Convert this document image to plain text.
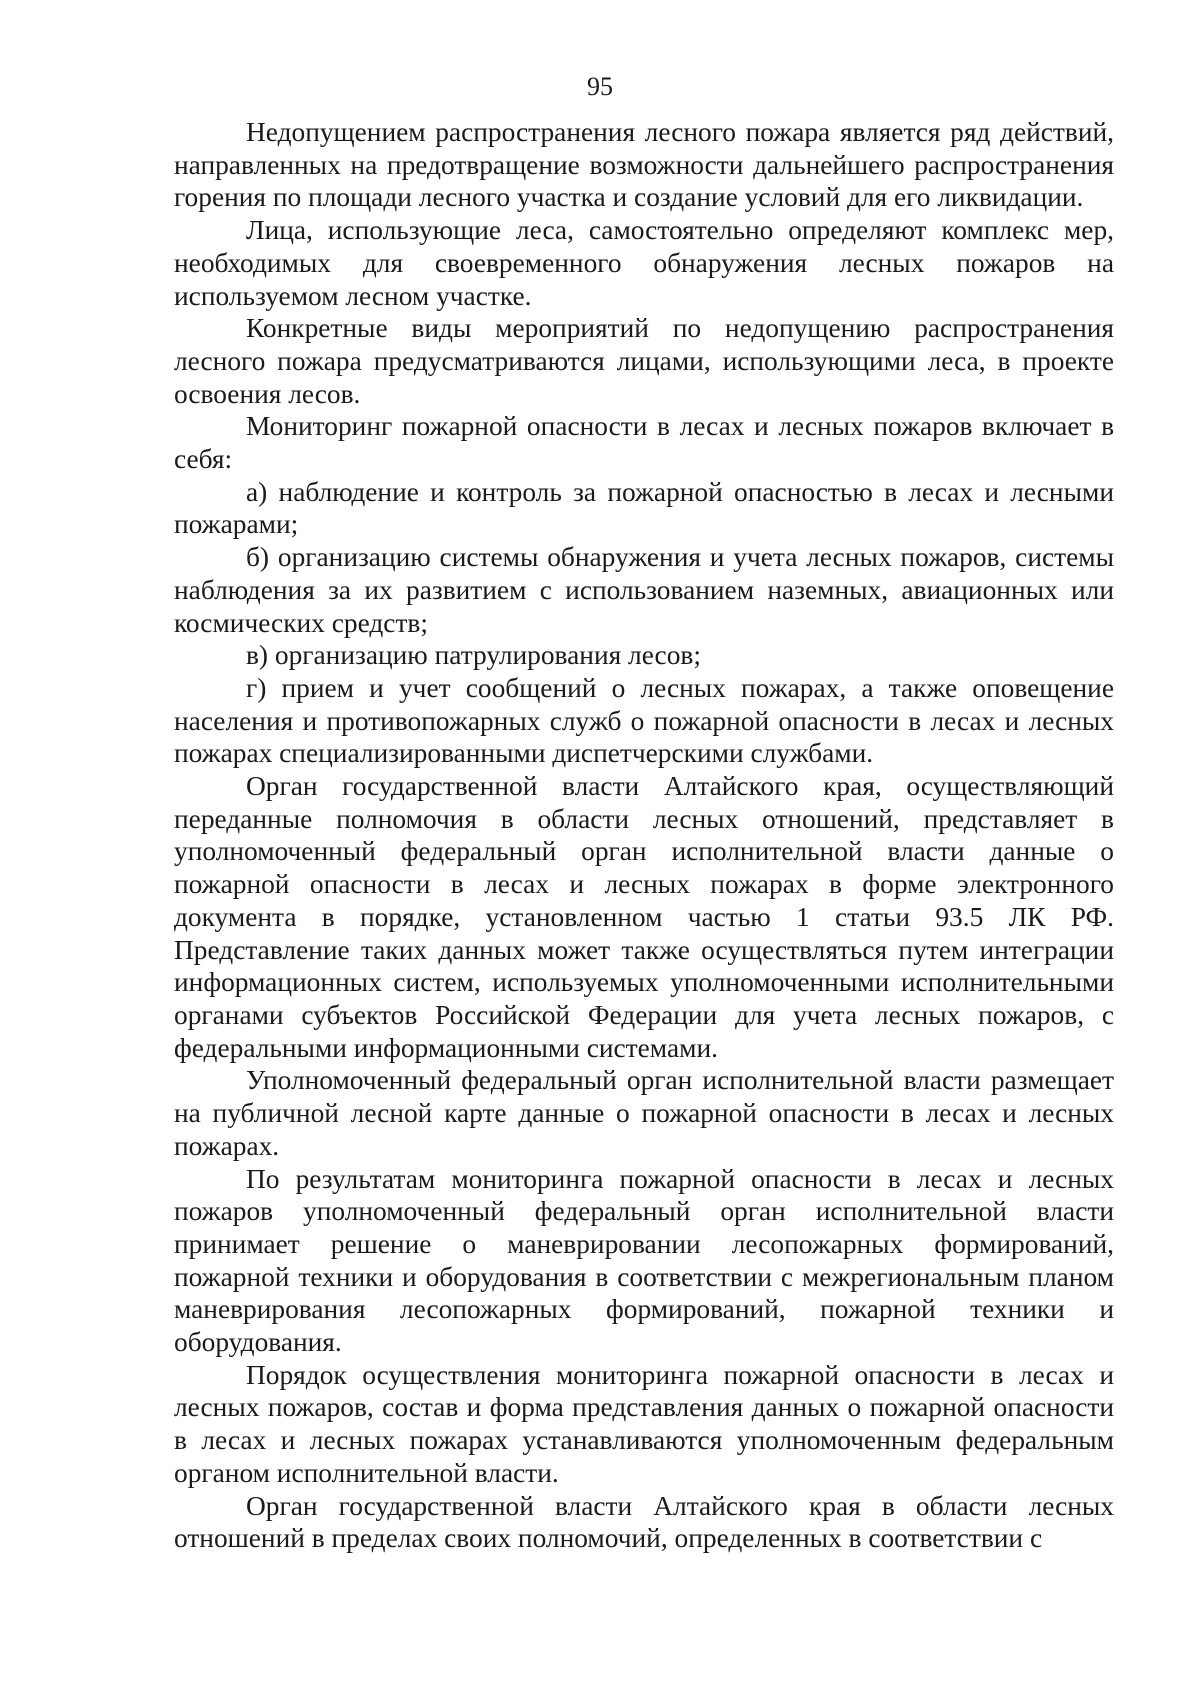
95

Недопущением распространения лесного пожара является ряд действий, направленных на предотвращение возможности дальнейшего распространения горения по площади лесного участка и создание условий для его ликвидации.

Лица, использующие леса, самостоятельно определяют комплекс мер, необходимых для своевременного обнаружения лесных пожаров на используемом лесном участке.

Конкретные виды мероприятий по недопущению распространения лесного пожара предусматриваются лицами, использующими леса, в проекте освоения лесов.

Мониторинг пожарной опасности в лесах и лесных пожаров включает в себя:

а) наблюдение и контроль за пожарной опасностью в лесах и лесными пожарами;

б) организацию системы обнаружения и учета лесных пожаров, системы наблюдения за их развитием с использованием наземных, авиационных или космических средств;

в) организацию патрулирования лесов;

г) прием и учет сообщений о лесных пожарах, а также оповещение населения и противопожарных служб о пожарной опасности в лесах и лесных пожарах специализированными диспетчерскими службами.

Орган государственной власти Алтайского края, осуществляющий переданные полномочия в области лесных отношений, представляет в уполномоченный федеральный орган исполнительной власти данные о пожарной опасности в лесах и лесных пожарах в форме электронного документа в порядке, установленном частью 1 статьи 93.5 ЛК РФ. Представление таких данных может также осуществляться путем интеграции информационных систем, используемых уполномоченными исполнительными органами субъектов Российской Федерации для учета лесных пожаров, с федеральными информационными системами.

Уполномоченный федеральный орган исполнительной власти размещает на публичной лесной карте данные о пожарной опасности в лесах и лесных пожарах.

По результатам мониторинга пожарной опасности в лесах и лесных пожаров уполномоченный федеральный орган исполнительной власти принимает решение о маневрировании лесопожарных формирований, пожарной техники и оборудования в соответствии с межрегиональным планом маневрирования лесопожарных формирований, пожарной техники и оборудования.

Порядок осуществления мониторинга пожарной опасности в лесах и лесных пожаров, состав и форма представления данных о пожарной опасности в лесах и лесных пожарах устанавливаются уполномоченным федеральным органом исполнительной власти.

Орган государственной власти Алтайского края в области лесных отношений в пределах своих полномочий, определенных в соответствии с
